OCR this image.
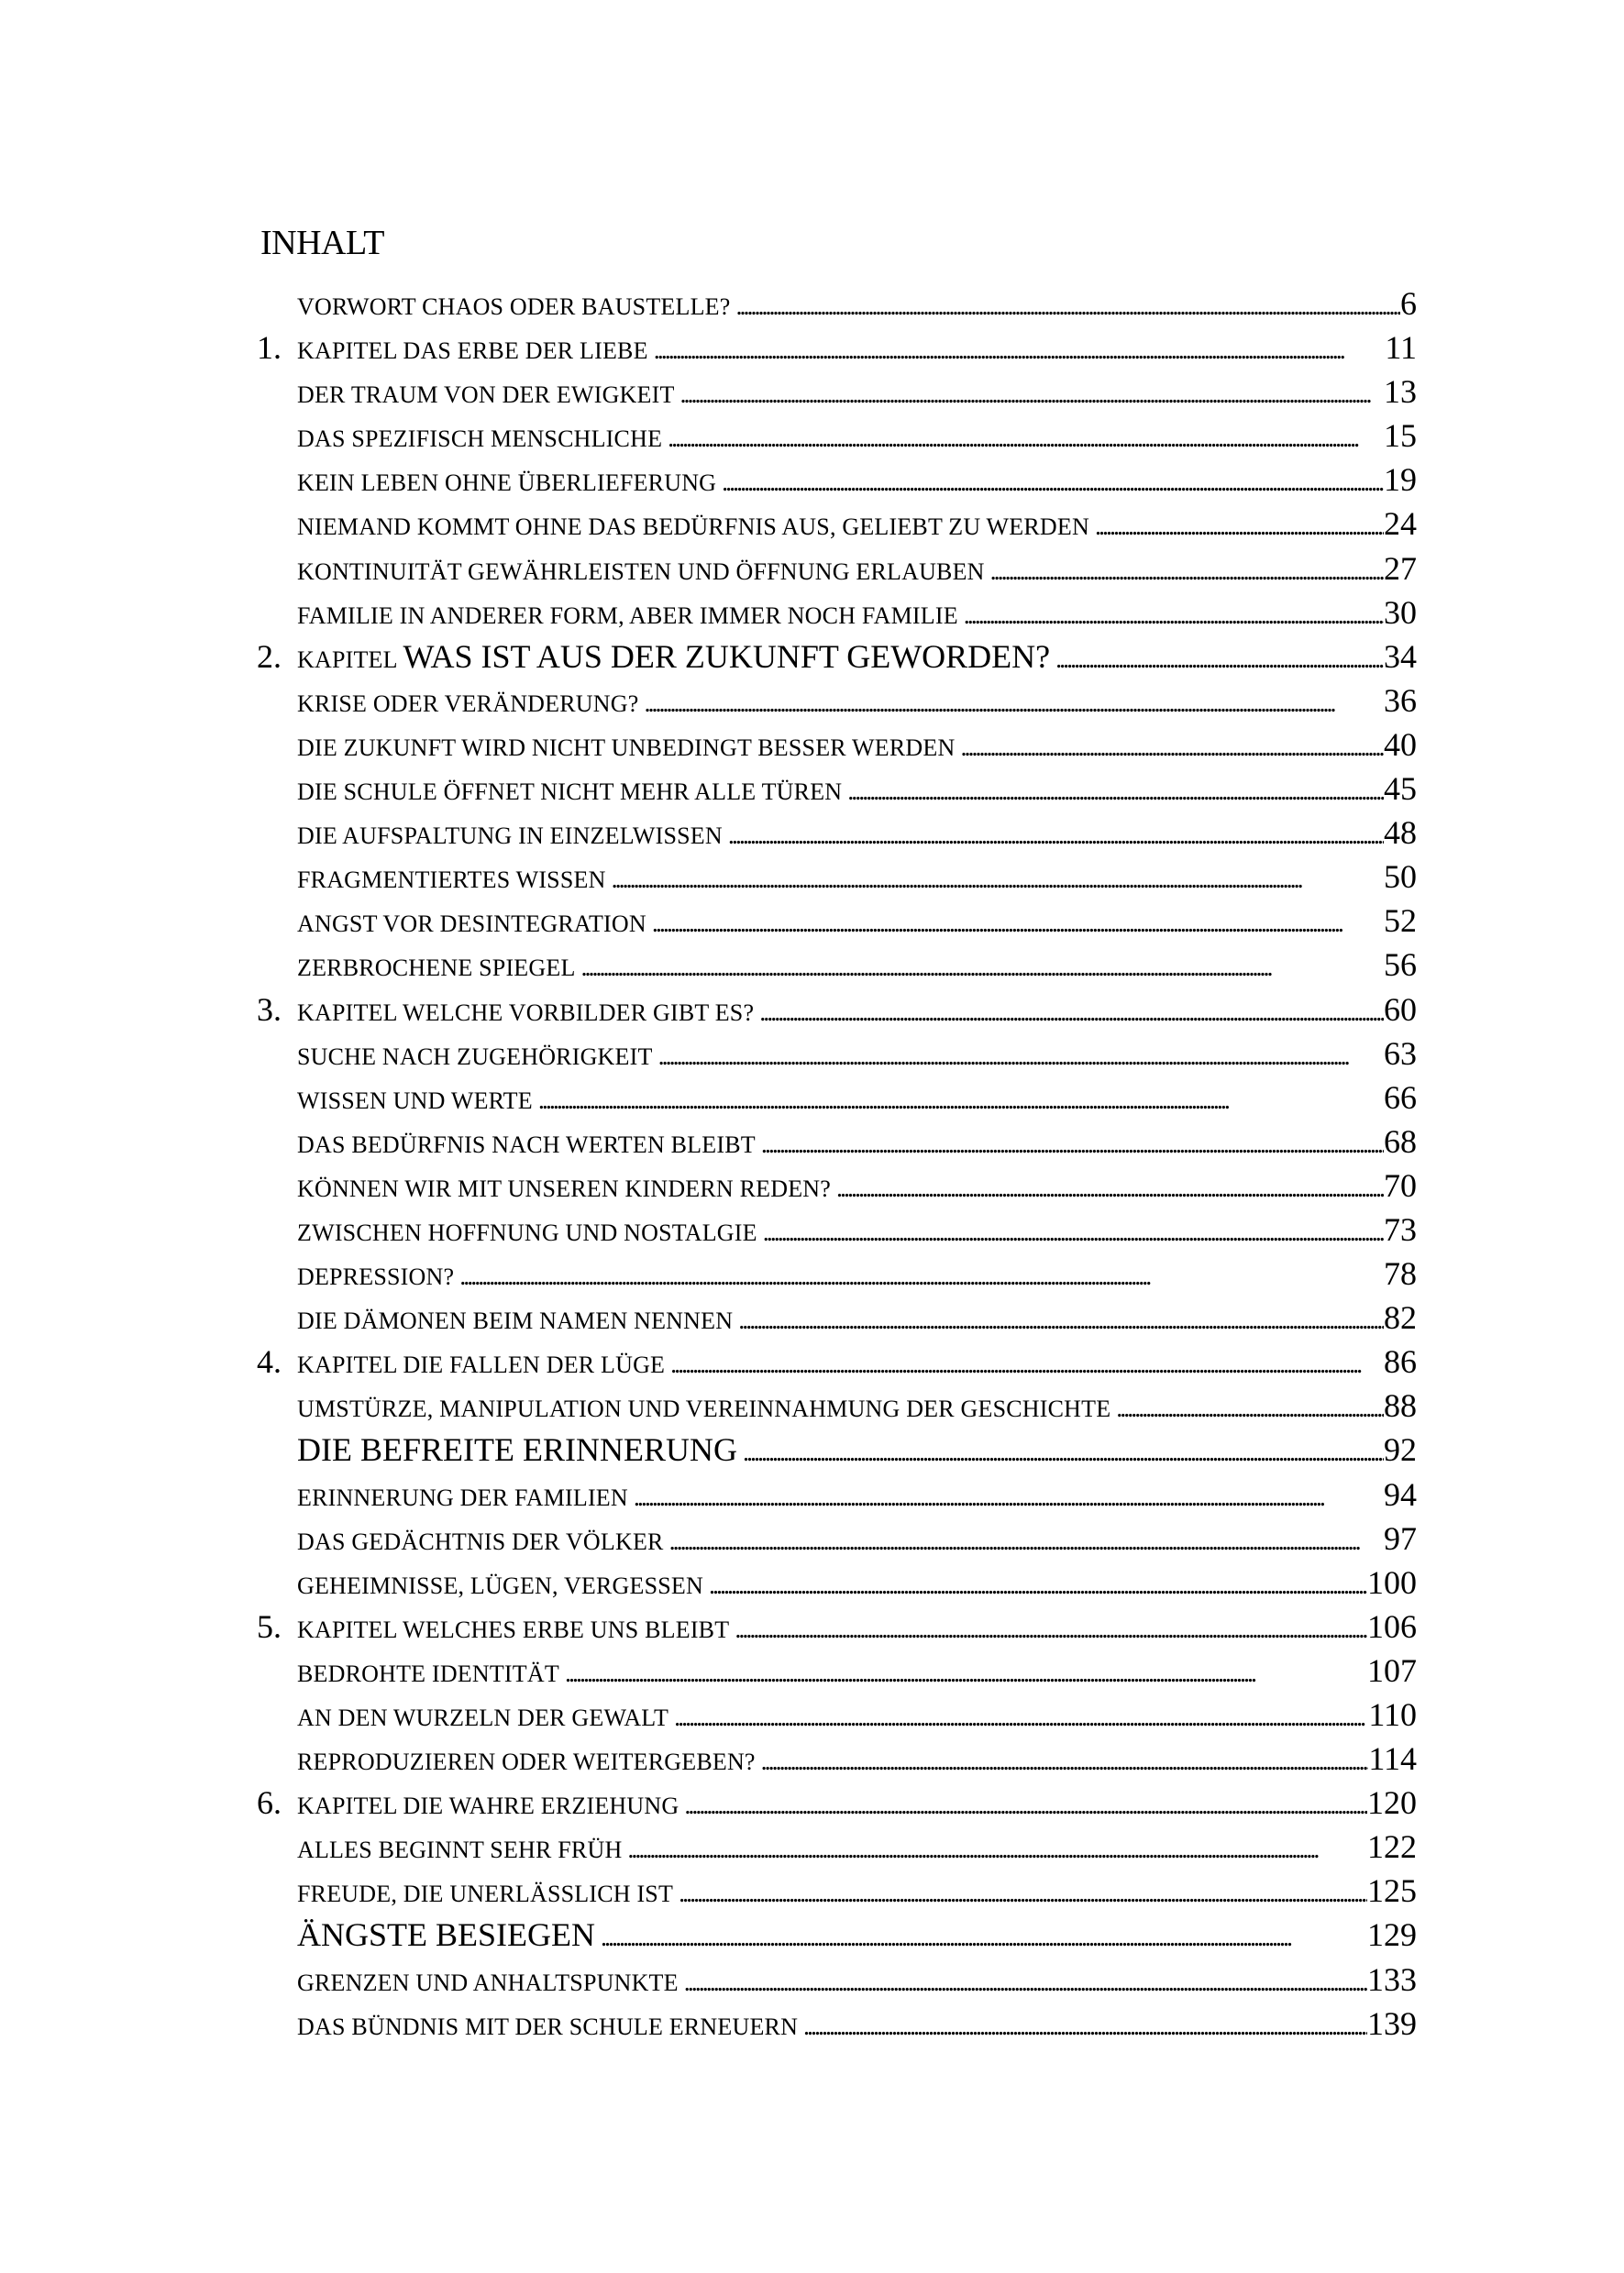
INHALT
VORWORT CHAOS ODER BAUSTELLE? . . .	6
1. KAPITEL DAS ERBE DER LIEBE . . .	11
DER TRAUM VON DER EWIGKEIT . . .	13
DAS SPEZIFISCH MENSCHLICHE . . .	15
KEIN LEBEN OHNE ÜBERLIEFERUNG . . .	19
NIEMAND KOMMT OHNE DAS BEDÜRFNIS AUS, GELIEBT ZU WERDEN . . .	24
KONTINUITÄT GEWÄHRLEISTEN UND ÖFFNUNG ERLAUBEN . . .	27
FAMILIE IN ANDERER FORM, ABER IMMER NOCH FAMILIE . . .	30
2. KAPITEL WAS IST AUS DER ZUKUNFT GEWORDEN? . . .	34
KRISE ODER VERÄNDERUNG? . . .	36
DIE ZUKUNFT WIRD NICHT UNBEDINGT BESSER WERDEN . . .	40
DIE SCHULE ÖFFNET NICHT MEHR ALLE TÜREN . . .	45
DIE AUFSPALTUNG IN EINZELWISSEN . . .	48
FRAGMENTIERTES WISSEN . . .	50
ANGST VOR DESINTEGRATION . . .	52
ZERBROCHENE SPIEGEL . . .	56
3. KAPITEL WELCHE VORBILDER GIBT ES? . . .	60
SUCHE NACH ZUGEHÖRIGKEIT . . .	63
WISSEN UND WERTE . . .	66
DAS BEDÜRFNIS NACH WERTEN BLEIBT . . .	68
KÖNNEN WIR MIT UNSEREN KINDERN REDEN? . . .	70
ZWISCHEN HOFFNUNG UND NOSTALGIE . . .	73
DEPRESSION? . . .	78
DIE DÄMONEN BEIM NAMEN NENNEN . . .	82
4. KAPITEL DIE FALLEN DER LÜGE . . .	86
UMSTÜRZE, MANIPULATION UND VEREINNAHMUNG DER GESCHICHTE . . .	88
DIE BEFREITE ERINNERUNG . . .	92
ERINNERUNG DER FAMILIEN . . .	94
DAS GEDÄCHTNIS DER VÖLKER . . .	97
GEHEIMNISSE, LÜGEN, VERGESSEN . . .	100
5. KAPITEL WELCHES ERBE UNS BLEIBT . . .	106
BEDROHTE IDENTITÄT . . .	107
AN DEN WURZELN DER GEWALT . . .	110
REPRODUZIEREN ODER WEITERGEBEN? . . .	114
6. KAPITEL DIE WAHRE ERZIEHUNG . . .	120
ALLES BEGINNT SEHR FRÜH . . .	122
FREUDE, DIE UNERLÄSSLICH IST . . .	125
ÄNGSTE BESIEGEN . . .	129
GRENZEN UND ANHALTSPUNKTE . . .	133
DAS BÜNDNIS MIT DER SCHULE ERNEUERN . . .	139
